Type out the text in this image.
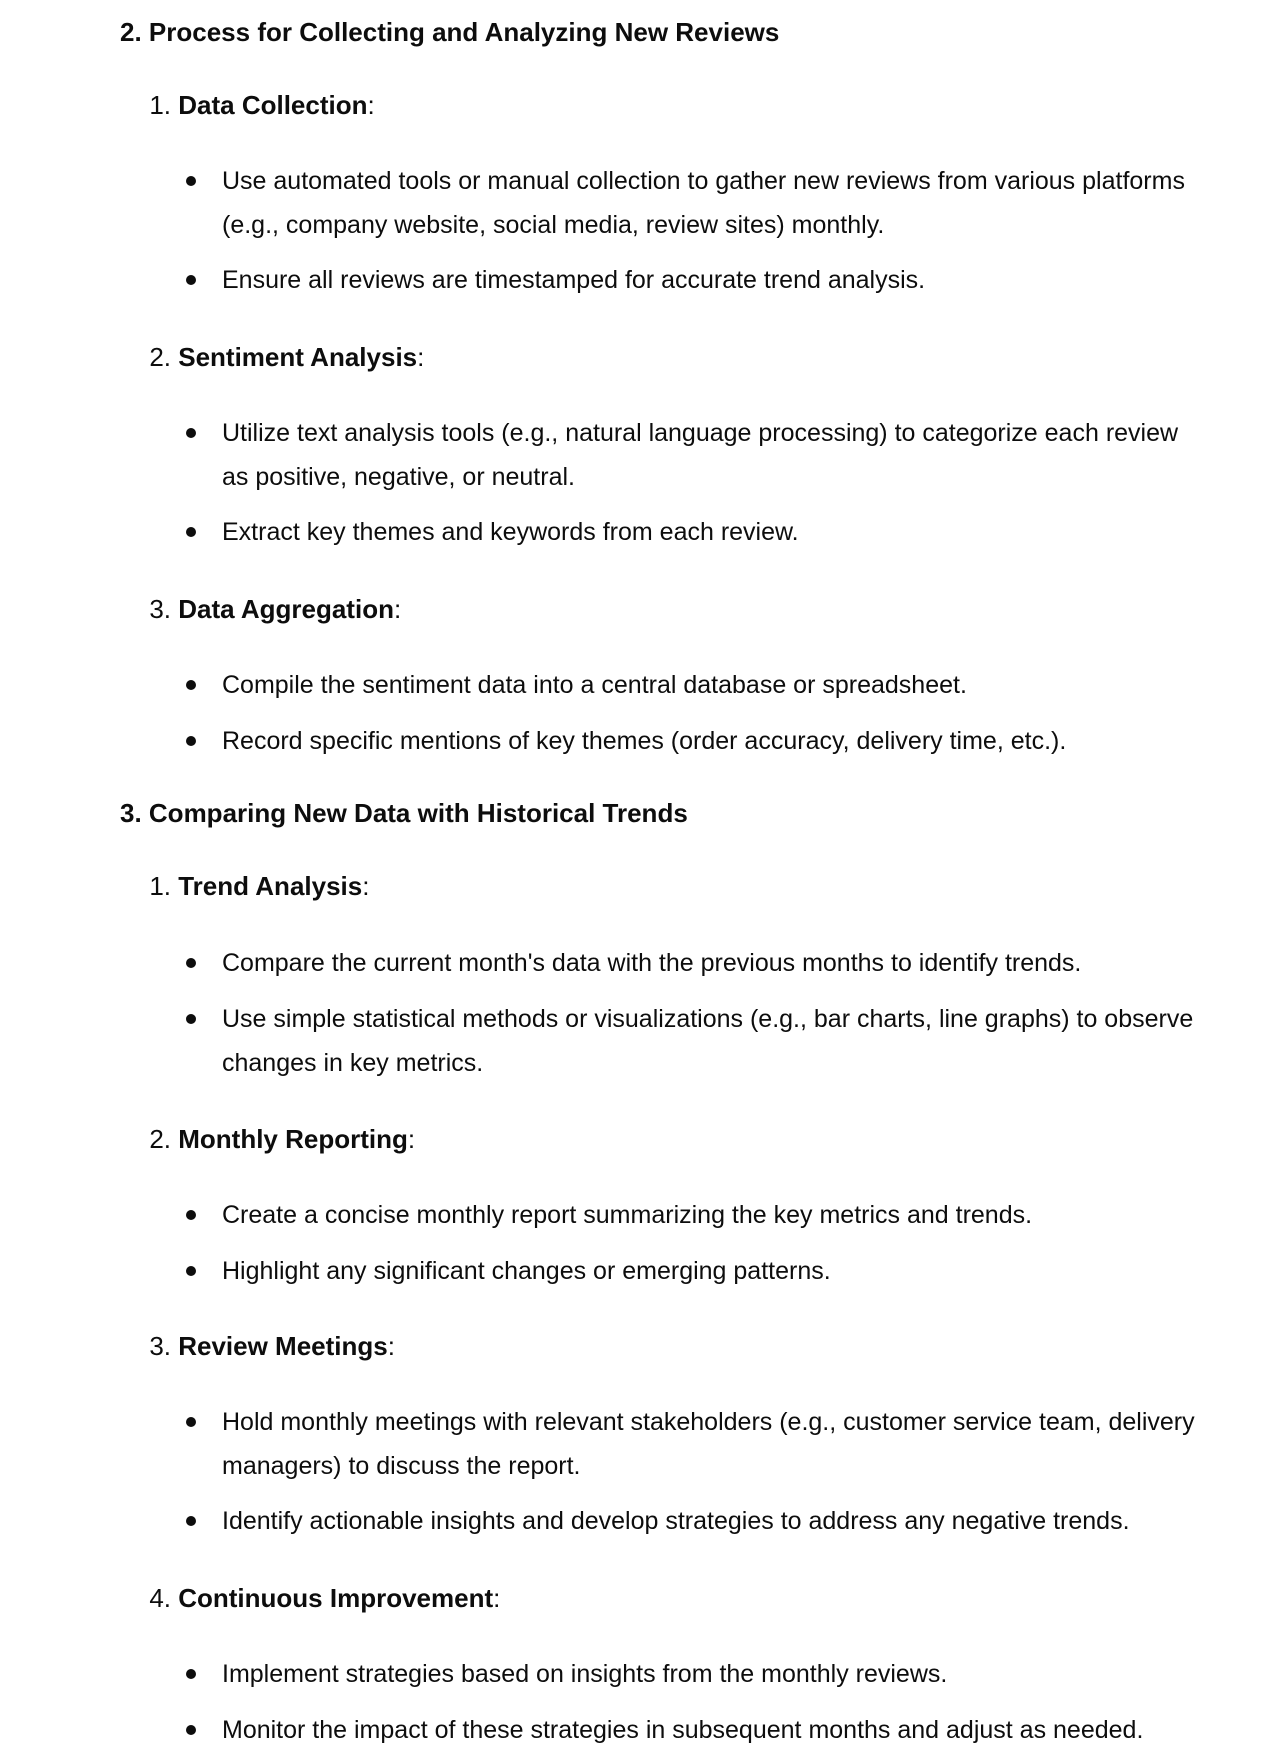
2. Process for Collecting and Analyzing New Reviews
1. Data Collection:
Use automated tools or manual collection to gather new reviews from various platforms (e.g., company website, social media, review sites) monthly.
Ensure all reviews are timestamped for accurate trend analysis.
2. Sentiment Analysis:
Utilize text analysis tools (e.g., natural language processing) to categorize each review as positive, negative, or neutral.
Extract key themes and keywords from each review.
3. Data Aggregation:
Compile the sentiment data into a central database or spreadsheet.
Record specific mentions of key themes (order accuracy, delivery time, etc.).
3. Comparing New Data with Historical Trends
1. Trend Analysis:
Compare the current month's data with the previous months to identify trends.
Use simple statistical methods or visualizations (e.g., bar charts, line graphs) to observe changes in key metrics.
2. Monthly Reporting:
Create a concise monthly report summarizing the key metrics and trends.
Highlight any significant changes or emerging patterns.
3. Review Meetings:
Hold monthly meetings with relevant stakeholders (e.g., customer service team, delivery managers) to discuss the report.
Identify actionable insights and develop strategies to address any negative trends.
4. Continuous Improvement:
Implement strategies based on insights from the monthly reviews.
Monitor the impact of these strategies in subsequent months and adjust as needed.
